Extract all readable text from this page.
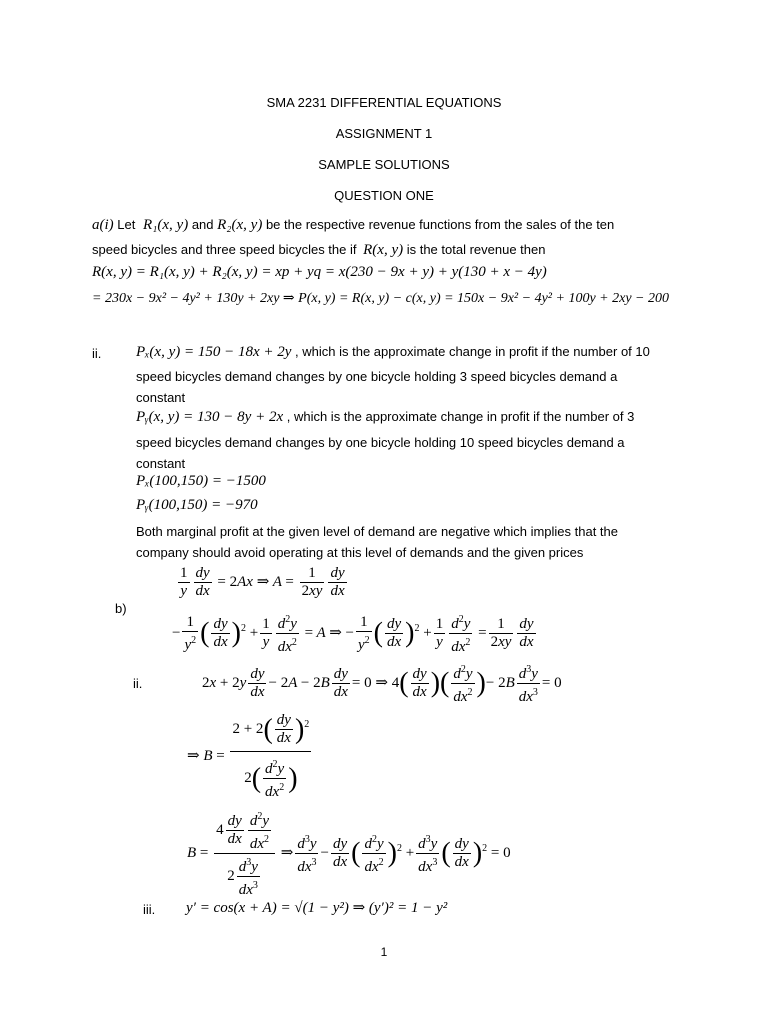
SMA 2231 DIFFERENTIAL EQUATIONS
ASSIGNMENT 1
SAMPLE SOLUTIONS
QUESTION ONE
a(i) Let R₁(x, y) and R₂(x, y) be the respective revenue functions from the sales of the ten
speed bicycles and three speed bicycles the if R(x, y) is the total revenue then
R(x, y) = R₁(x, y) + R₂(x, y) = xp + yq = x(230 − 9x + y) + y(130 + x − 4y)
= 230x − 9x² − 4y² + 130y + 2xy ⇒ P(x, y) = R(x, y) − c(x, y) = 150x − 9x² − 4y² + 100y + 2xy − 200
ii. Pₓ(x, y) = 150 − 18x + 2y , which is the approximate change in profit if the number of 10
speed bicycles demand changes by one bicycle holding 3 speed bicycles demand a
constant
Pᵧ(x, y) = 130 − 8y + 2x , which is the approximate change in profit if the number of 3
speed bicycles demand changes by one bicycle holding 10 speed bicycles demand a
constant
Pₓ(100,150) = −1500
Pᵧ(100,150) = −970
Both marginal profit at the given level of demand are negative which implies that the
company should avoid operating at this level of demands and the given prices
$\frac{1}{y} \frac{dy}{dx} = 2Ax$ ⇒ $A = \frac{1}{2xy} \frac{dy}{dx}$
b)
− $\frac{1}{y^2}$ ( $\frac{dy}{dx} )^2 + \frac{1}{y} \frac{d^2y}{dx^2} = A$ ⇒ − $\frac{1}{y^2}$ ( $\frac{dy}{dx} )^2 + \frac{1}{y} \frac{d^2y}{dx^2} = \frac{1}{2xy} \frac{dy}{dx}$
ii.	$2x + 2y \frac{dy}{dx} - 2A - 2B \frac{dy}{dx} = 0$ ⇒ $4( \frac{dy}{dx}$ )( $\frac{d^2y}{dx^2}$ )− $2B \frac{d^3y}{dx^3} = 0$
⇒ $B = \frac{2 + 2( \frac{dy}{dx} )^2}{2( \frac{d^2y}{dx^2} )}$
$B = \frac{4 \frac{dy}{dx} \frac{d^2y}{dx^2}}{2 \frac{d^3y}{dx^3}}$ ⇒ $\frac{d^3y}{dx^3} - \frac{dy}{dx}$ ( $\frac{d^2y}{dx^2} )^2 + \frac{d^3y}{dx^3}$ ( $\frac{dy}{dx} )^2 = 0$
iii. y′ = cos(x + A) = √(1 − y²) ⇒ (y′)² = 1 − y²
1
